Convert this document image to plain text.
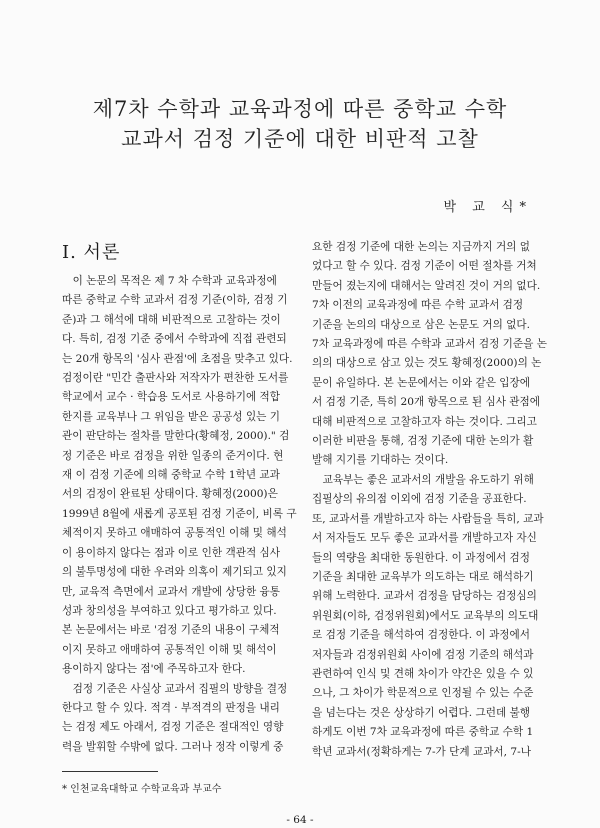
제7차 수학과 교육과정에 따른 중학교 수학
교과서 검정 기준에 대한 비판적 고찰
박 교 식*
I. 서론
　이 논문의 목적은 제 7 차 수학과 교육과정에
따른 중학교 수학 교과서 검정 기준(이하, 검정 기
준)과 그 해석에 대해 비판적으로 고찰하는 것이
다. 특히, 검정 기준 중에서 수학과에 직접 관련되
는 20개 항목의 '심사 관점'에 초점을 맞추고 있다.
검정이란 "민간 출판사와 저작자가 편찬한 도서를
학교에서 교수 · 학습용 도서로 사용하기에 적합
한지를 교육부나 그 위임을 받은 공공성 있는 기
관이 판단하는 절차를 말한다(황혜정, 2000)." 검
정 기준은 바로 검정을 위한 일종의 준거이다. 현
재 이 검정 기준에 의해 중학교 수학 1학년 교과
서의 검정이 완료된 상태이다. 황혜정(2000)은
1999년 8월에 새롭게 공포된 검정 기준이, 비록 구
체적이지 못하고 애매하여 공통적인 이해 및 해석
이 용이하지 않다는 점과 이로 인한 객관적 심사
의 불투명성에 대한 우려와 의혹이 제기되고 있지
만, 교육적 측면에서 교과서 개발에 상당한 융통
성과 창의성을 부여하고 있다고 평가하고 있다.
본 논문에서는 바로 '검정 기준의 내용이 구체적
이지 못하고 애매하여 공통적인 이해 및 해석이
용이하지 않다는 점'에 주목하고자 한다.
　검정 기준은 사실상 교과서 집필의 방향을 결정
한다고 할 수 있다. 적격 · 부적격의 판정을 내리
는 검정 제도 아래서, 검정 기준은 절대적인 영향
력을 발휘할 수밖에 없다. 그러나 정작 이렇게 중
요한 검정 기준에 대한 논의는 지금까지 거의 없
었다고 할 수 있다. 검정 기준이 어떤 절차를 거쳐
만들어 졌는지에 대해서는 알려진 것이 거의 없다.
7차 이전의 교육과정에 따른 수학 교과서 검정
기준을 논의의 대상으로 삼은 논문도 거의 없다.
7차 교육과정에 따른 수학과 교과서 검정 기준을 논
의의 대상으로 삼고 있는 것도 황혜정(2000)의 논
문이 유일하다. 본 논문에서는 이와 같은 입장에
서 검정 기준, 특히 20개 항목으로 된 심사 관점에
대해 비판적으로 고찰하고자 하는 것이다. 그리고
이러한 비판을 통해, 검정 기준에 대한 논의가 활
발해 지기를 기대하는 것이다.
　교육부는 좋은 교과서의 개발을 유도하기 위해
집필상의 유의점 이외에 검정 기준을 공표한다.
또, 교과서를 개발하고자 하는 사람들을 특히, 교과
서 저자들도 모두 좋은 교과서를 개발하고자 자신
들의 역량을 최대한 동원한다. 이 과정에서 검정
기준을 최대한 교육부가 의도하는 대로 해석하기
위해 노력한다. 교과서 검정을 담당하는 검정심의
위원회(이하, 검정위원회)에서도 교육부의 의도대
로 검정 기준을 해석하여 검정한다. 이 과정에서
저자들과 검정위원회 사이에 검정 기준의 해석과
관련하여 인식 및 견해 차이가 약간은 있을 수 있
으나, 그 차이가 학문적으로 인정될 수 있는 수준
을 넘는다는 것은 상상하기 어렵다. 그런데 불행
하게도 이번 7차 교육과정에 따른 중학교 수학 1
학년 교과서(정확하게는 7-가 단계 교과서, 7-나
* 인천교육대학교 수학교육과 부교수
- 64 -
